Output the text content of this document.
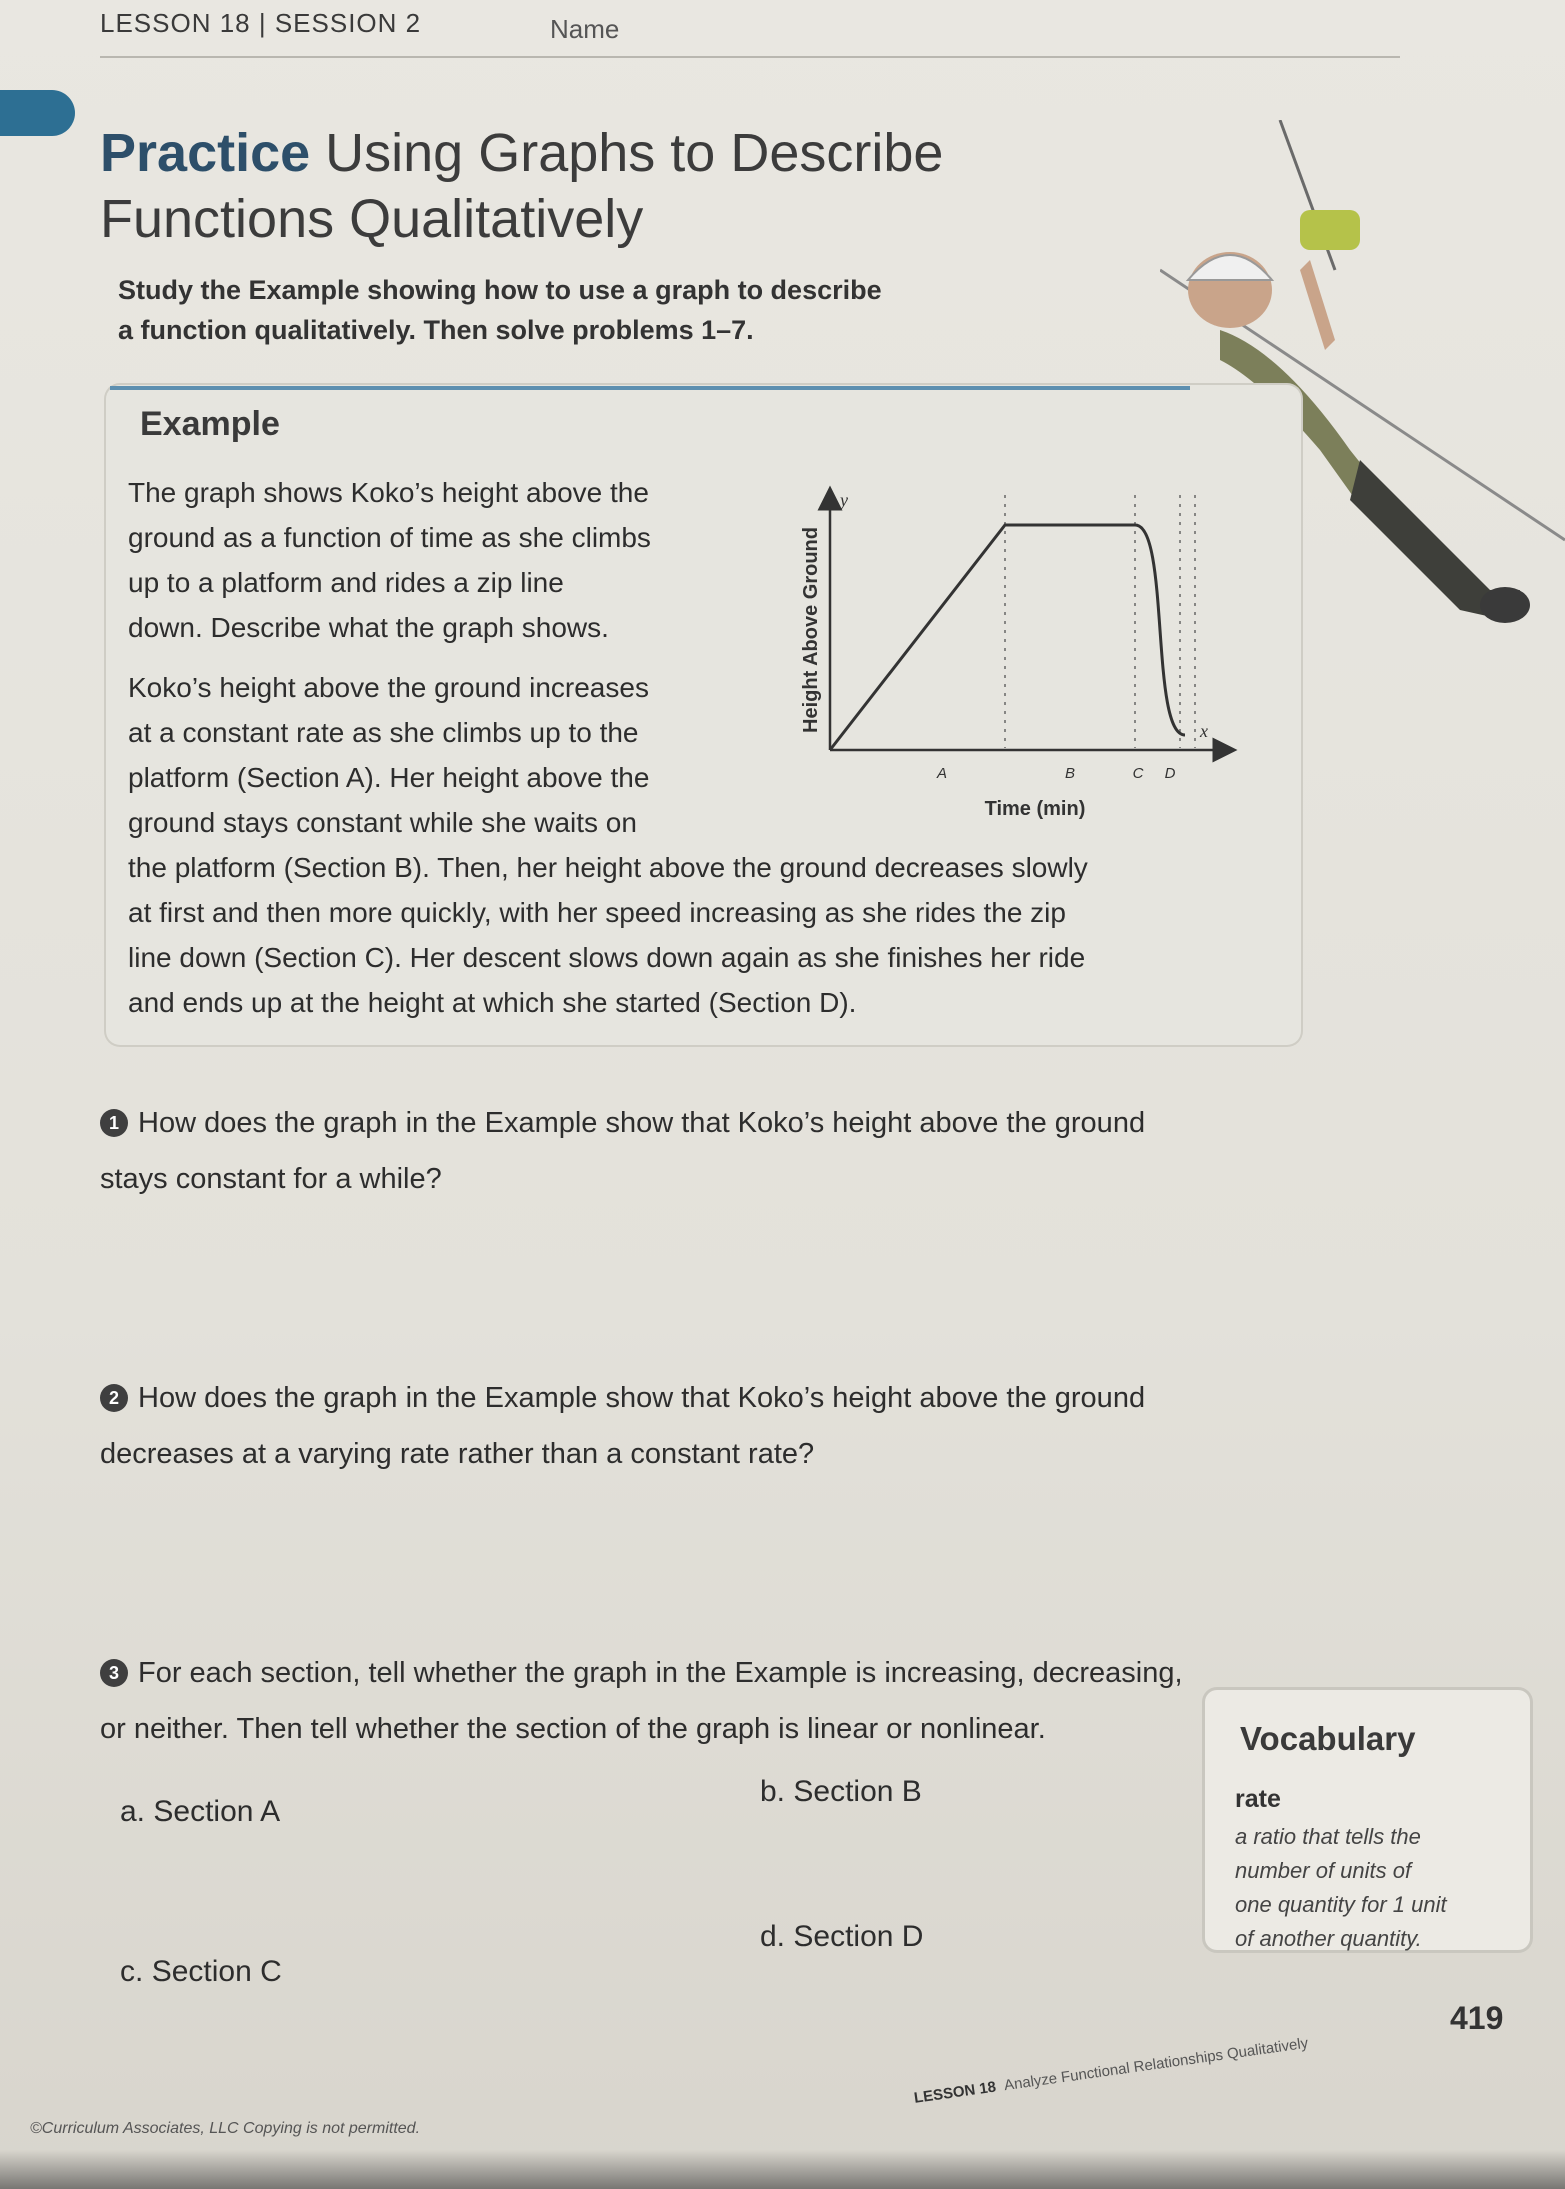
LESSON 18 | SESSION 2	Name
Practice Using Graphs to Describe
Functions Qualitatively
Study the Example showing how to use a graph to describe
a function qualitatively. Then solve problems 1–7.
Example
The graph shows Koko’s height above the
ground as a function of time as she climbs
up to a platform and rides a zip line
down. Describe what the graph shows.
Koko’s height above the ground increases
at a constant rate as she climbs up to the
platform (Section A). Her height above the
ground stays constant while she waits on
the platform (Section B). Then, her height above the ground decreases slowly
at first and then more quickly, with her speed increasing as she rides the zip
line down (Section C). Her descent slows down again as she finishes her ride
and ends up at the height at which she started (Section D).
y
x
Height Above Ground
Time (min)
A	B	C D
1 How does the graph in the Example show that Koko’s height above the ground
stays constant for a while?
2 How does the graph in the Example show that Koko’s height above the ground
decreases at a varying rate rather than a constant rate?
3 For each section, tell whether the graph in the Example is increasing, decreasing,
or neither. Then tell whether the section of the graph is linear or nonlinear.
a. Section A
b. Section B
c. Section C
d. Section D
Vocabulary
rate
a ratio that tells the
number of units of
one quantity for 1 unit
of another quantity.
419
LESSON 18 Analyze Functional Relationships Qualitatively
©Curriculum Associates, LLC Copying is not permitted.
